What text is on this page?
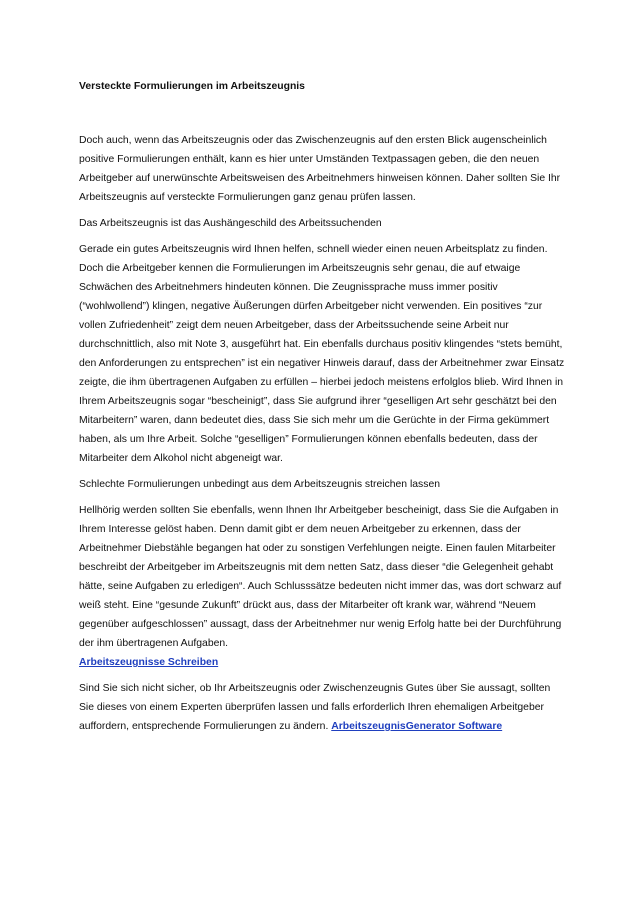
Versteckte Formulierungen im Arbeitszeugnis

Doch auch, wenn das Arbeitszeugnis oder das Zwischenzeugnis auf den ersten Blick augenscheinlich positive Formulierungen enthält, kann es hier unter Umständen Textpassagen geben, die den neuen Arbeitgeber auf unerwünschte Arbeitsweisen des Arbeitnehmers hinweisen können. Daher sollten Sie Ihr Arbeitszeugnis auf versteckte Formulierungen ganz genau prüfen lassen.

Das Arbeitszeugnis ist das Aushängeschild des Arbeitssuchenden

Gerade ein gutes Arbeitszeugnis wird Ihnen helfen, schnell wieder einen neuen Arbeitsplatz zu finden. Doch die Arbeitgeber kennen die Formulierungen im Arbeitszeugnis sehr genau, die auf etwaige Schwächen des Arbeitnehmers hindeuten können. Die Zeugnissprache muss immer positiv (“wohlwollend”) klingen, negative Äußerungen dürfen Arbeitgeber nicht verwenden. Ein positives “zur vollen Zufriedenheit” zeigt dem neuen Arbeitgeber, dass der Arbeitssuchende seine Arbeit nur durchschnittlich, also mit Note 3, ausgeführt hat. Ein ebenfalls durchaus positiv klingendes “stets bemüht, den Anforderungen zu entsprechen” ist ein negativer Hinweis darauf, dass der Arbeitnehmer zwar Einsatz zeigte, die ihm übertragenen Aufgaben zu erfüllen – hierbei jedoch meistens erfolglos blieb. Wird Ihnen in Ihrem Arbeitszeugnis sogar “bescheinigt”, dass Sie aufgrund ihrer “geselligen Art sehr geschätzt bei den Mitarbeitern” waren, dann bedeutet dies, dass Sie sich mehr um die Gerüchte in der Firma gekümmert haben, als um Ihre Arbeit. Solche “geselligen” Formulierungen können ebenfalls bedeuten, dass der Mitarbeiter dem Alkohol nicht abgeneigt war.

Schlechte Formulierungen unbedingt aus dem Arbeitszeugnis streichen lassen

Hellhörig werden sollten Sie ebenfalls, wenn Ihnen Ihr Arbeitgeber bescheinigt, dass Sie die Aufgaben in Ihrem Interesse gelöst haben. Denn damit gibt er dem neuen Arbeitgeber zu erkennen, dass der Arbeitnehmer Diebstähle begangen hat oder zu sonstigen Verfehlungen neigte. Einen faulen Mitarbeiter beschreibt der Arbeitgeber im Arbeitszeugnis mit dem netten Satz, dass dieser “die Gelegenheit gehabt hätte, seine Aufgaben zu erledigen“. Auch Schlusssätze bedeuten nicht immer das, was dort schwarz auf weiß steht. Eine “gesunde Zukunft” drückt aus, dass der Mitarbeiter oft krank war, während “Neuem gegenüber aufgeschlossen” aussagt, dass der Arbeitnehmer nur wenig Erfolg hatte bei der Durchführung der ihm übertragenen Aufgaben.
Arbeitszeugnisse Schreiben

Sind Sie sich nicht sicher, ob Ihr Arbeitszeugnis oder Zwischenzeugnis Gutes über Sie aussagt, sollten Sie dieses von einem Experten überprüfen lassen und falls erforderlich Ihren ehemaligen Arbeitgeber auffordern, entsprechende Formulierungen zu ändern. ArbeitszeugnisGenerator Software
